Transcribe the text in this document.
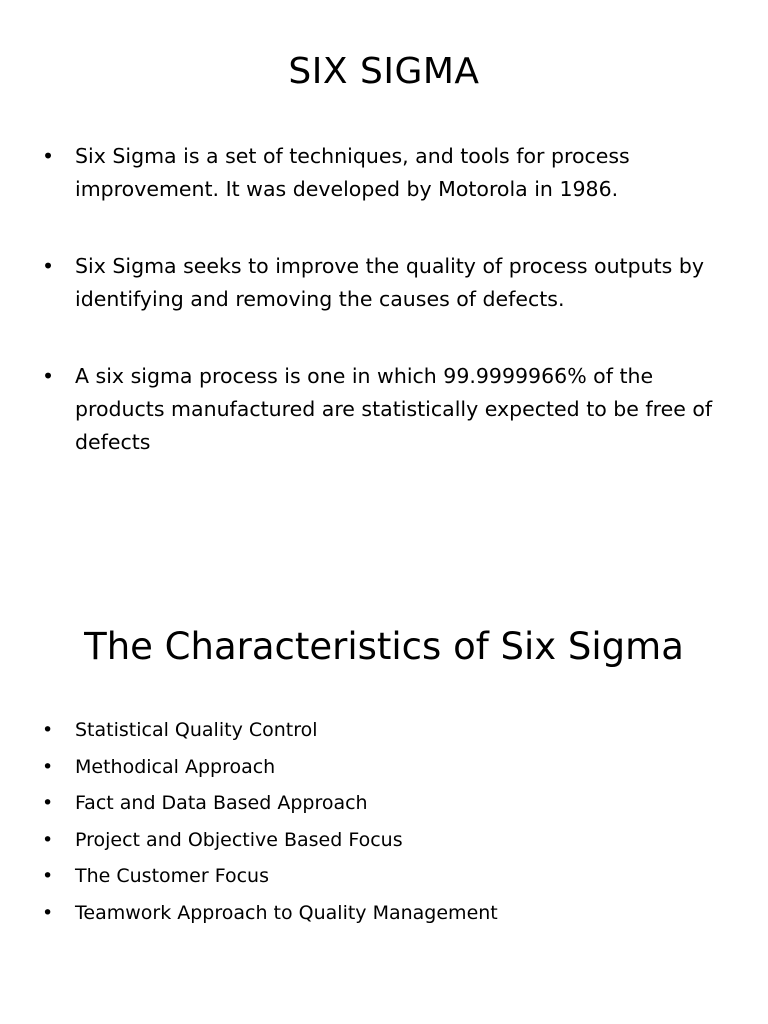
SIX SIGMA
• Six Sigma is a set of techniques, and tools for process improvement. It was developed by Motorola in 1986.
• Six Sigma seeks to improve the quality of process outputs by identifying and removing the causes of defects.
• A six sigma process is one in which 99.9999966% of the products manufactured are statistically expected to be free of defects
The Characteristics of Six Sigma
• Statistical Quality Control
• Methodical Approach
• Fact and Data Based Approach
• Project and Objective Based Focus
• The Customer Focus
• Teamwork Approach to Quality Management
